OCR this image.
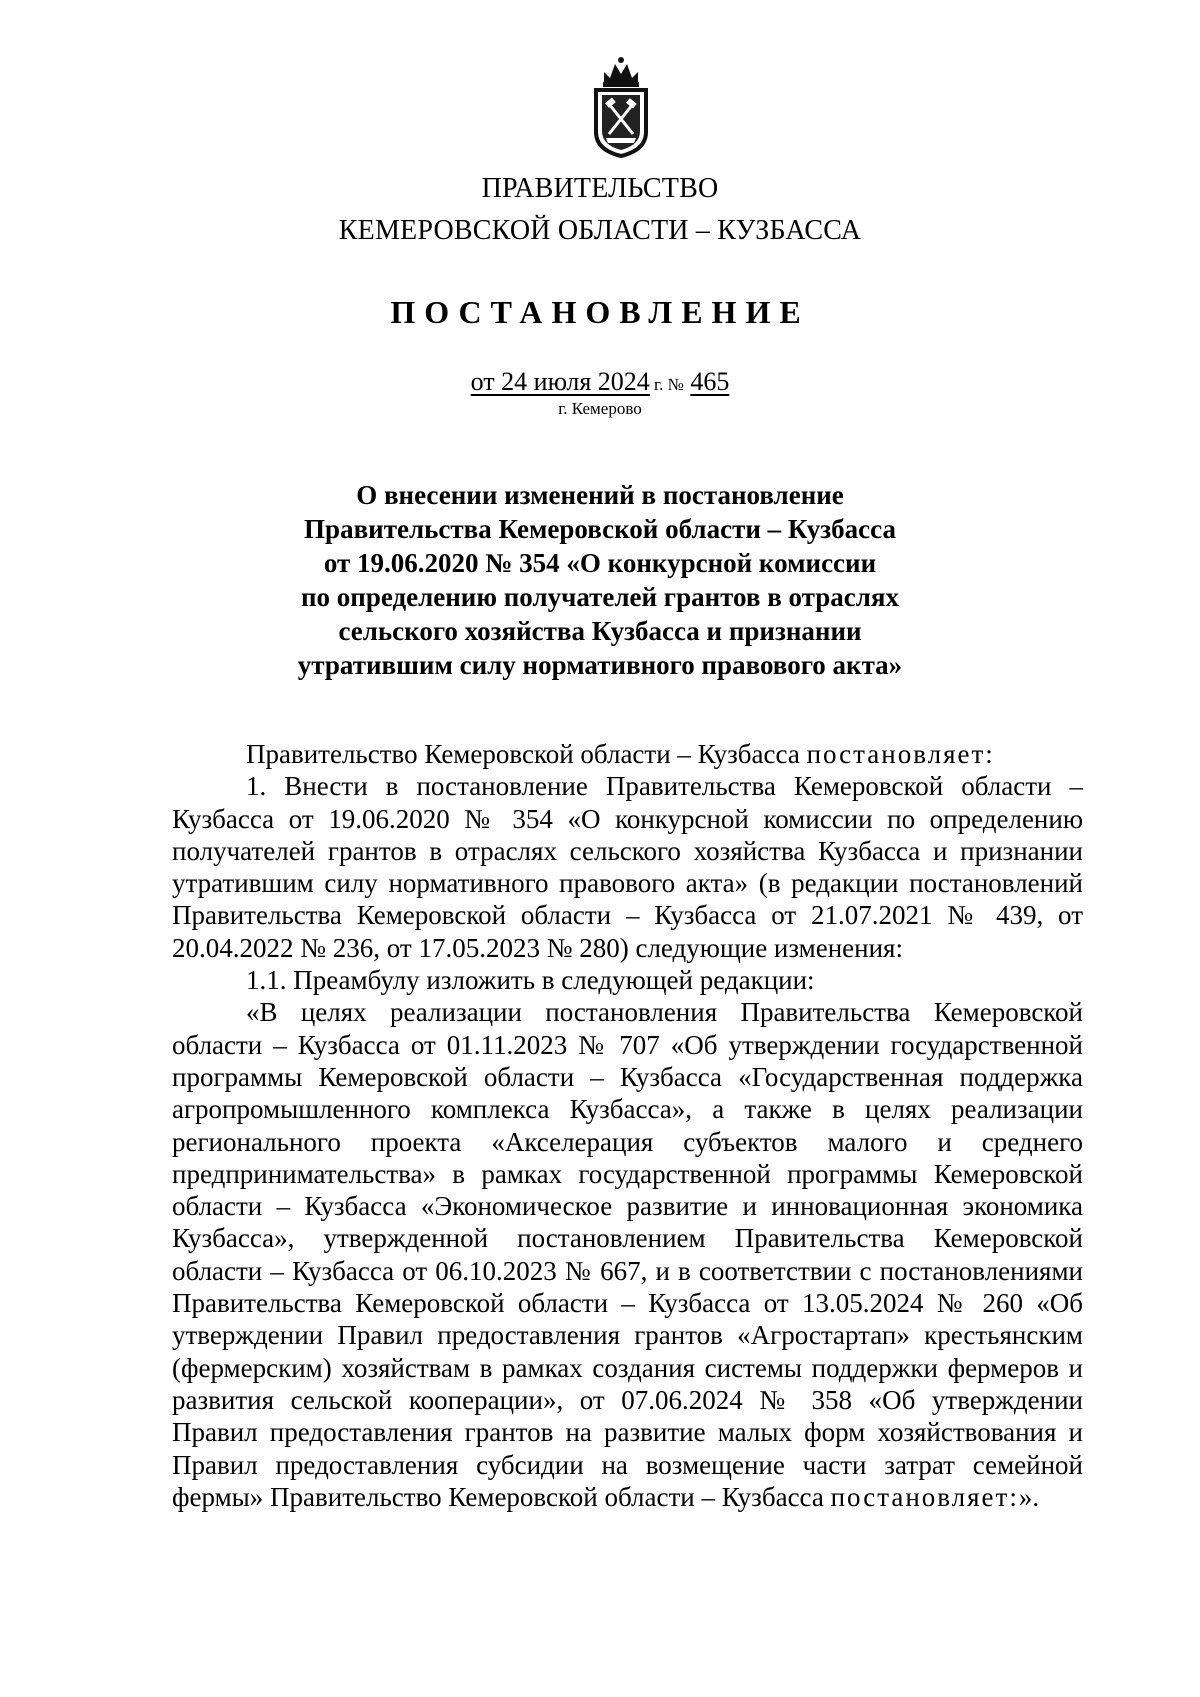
ПРАВИТЕЛЬСТВО
КЕМЕРОВСКОЙ ОБЛАСТИ – КУЗБАССА
ПОСТАНОВЛЕНИЕ
от 24 июля 2024 г. № 465
г. Кемерово
О внесении изменений в постановление
Правительства Кемеровской области – Кузбасса
от 19.06.2020 № 354 «О конкурсной комиссии
по определению получателей грантов в отраслях
сельского хозяйства Кузбасса и признании
утратившим силу нормативного правового акта»

Правительство Кемеровской области – Кузбасса постановляет:

1. Внести в постановление Правительства Кемеровской области – Кузбасса от 19.06.2020 № 354 «О конкурсной комиссии по определению получателей грантов в отраслях сельского хозяйства Кузбасса и признании утратившим силу нормативного правового акта» (в редакции постановлений Правительства Кемеровской области – Кузбасса от 21.07.2021 № 439, от 20.04.2022 № 236, от 17.05.2023 № 280) следующие изменения:

1.1. Преамбулу изложить в следующей редакции:

«В целях реализации постановления Правительства Кемеровской области – Кузбасса от 01.11.2023 № 707 «Об утверждении государственной программы Кемеровской области – Кузбасса «Государственная поддержка агропромышленного комплекса Кузбасса», а также в целях реализации регионального проекта «Акселерация субъектов малого и среднего предпринимательства» в рамках государственной программы Кемеровской области – Кузбасса «Экономическое развитие и инновационная экономика Кузбасса», утвержденной постановлением Правительства Кемеровской области – Кузбасса от 06.10.2023 № 667, и в соответствии с постановлениями Правительства Кемеровской области – Кузбасса от 13.05.2024 № 260 «Об утверждении Правил предоставления грантов «Агростартап» крестьянским (фермерским) хозяйствам в рамках создания системы поддержки фермеров и развития сельской кооперации», от 07.06.2024 № 358 «Об утверждении Правил предоставления грантов на развитие малых форм хозяйствования и Правил предоставления субсидии на возмещение части затрат семейной фермы» Правительство Кемеровской области – Кузбасса постановляет:».
